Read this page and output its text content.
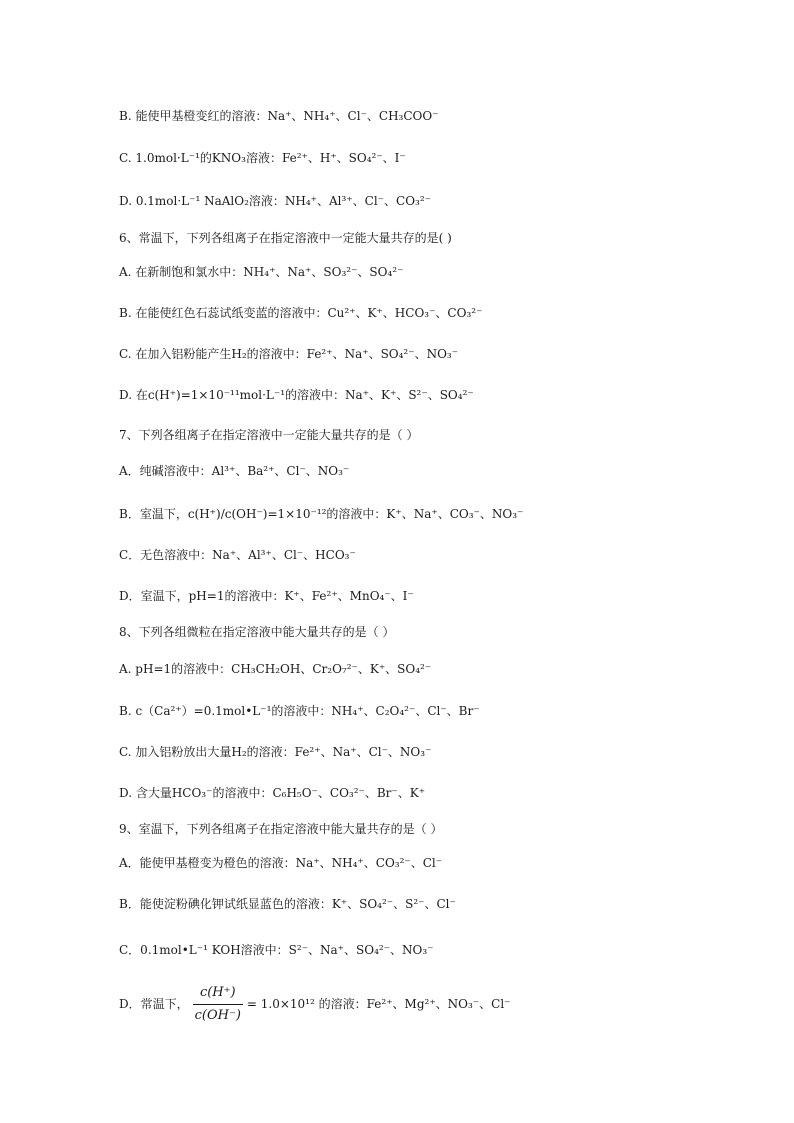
B. 能使甲基橙变红的溶液：Na⁺、NH₄⁺、Cl⁻、CH₃COO⁻
C. 1.0mol·L⁻¹的KNO₃溶液：Fe²⁺、H⁺、SO₄²⁻、I⁻
D. 0.1mol·L⁻¹ NaAlO₂溶液：NH₄⁺、Al³⁺、Cl⁻、CO₃²⁻
6、常温下，下列各组离子在指定溶液中一定能大量共存的是( )
A. 在新制饱和氯水中：NH₄⁺、Na⁺、SO₃²⁻、SO₄²⁻
B. 在能使红色石蕊试纸变蓝的溶液中：Cu²⁺、K⁺、HCO₃⁻、CO₃²⁻
C. 在加入铝粉能产生H₂的溶液中：Fe²⁺、Na⁺、SO₄²⁻、NO₃⁻
D. 在c(H⁺)=1×10⁻¹¹mol·L⁻¹的溶液中：Na⁺、K⁺、S²⁻、SO₄²⁻
7、下列各组离子在指定溶液中一定能大量共存的是（ ）
A．纯碱溶液中：Al³⁺、Ba²⁺、Cl⁻、NO₃⁻
B．室温下，c(H⁺)/c(OH⁻)=1×10⁻¹²的溶液中：K⁺、Na⁺、CO₃⁻、NO₃⁻
C．无色溶液中：Na⁺、Al³⁺、Cl⁻、HCO₃⁻
D．室温下，pH=1的溶液中：K⁺、Fe²⁺、MnO₄⁻、I⁻
8、下列各组微粒在指定溶液中能大量共存的是（ ）
A. pH=1的溶液中：CH₃CH₂OH、Cr₂O₇²⁻、K⁺、SO₄²⁻
B. c（Ca²⁺）=0.1mol•L⁻¹的溶液中：NH₄⁺、C₂O₄²⁻、Cl⁻、Br⁻
C. 加入铝粉放出大量H₂的溶液：Fe²⁺、Na⁺、Cl⁻、NO₃⁻
D. 含大量HCO₃⁻的溶液中：C₆H₅O⁻、CO₃²⁻、Br⁻、K⁺
9、室温下，下列各组离子在指定溶液中能大量共存的是（ ）
A．能使甲基橙变为橙色的溶液：Na⁺、NH₄⁺、CO₃²⁻、Cl⁻
B．能使淀粉碘化钾试纸显蓝色的溶液：K⁺、SO₄²⁻、S²⁻、Cl⁻
C．0.1mol•L⁻¹ KOH溶液中：S²⁻、Na⁺、SO₄²⁻、NO₃⁻
D．常温下， $\frac{c(H^+)}{c(OH^-)} = 1.0\times 10^{12}$ 的溶液：Fe²⁺、Mg²⁺、NO₃⁻、Cl⁻
